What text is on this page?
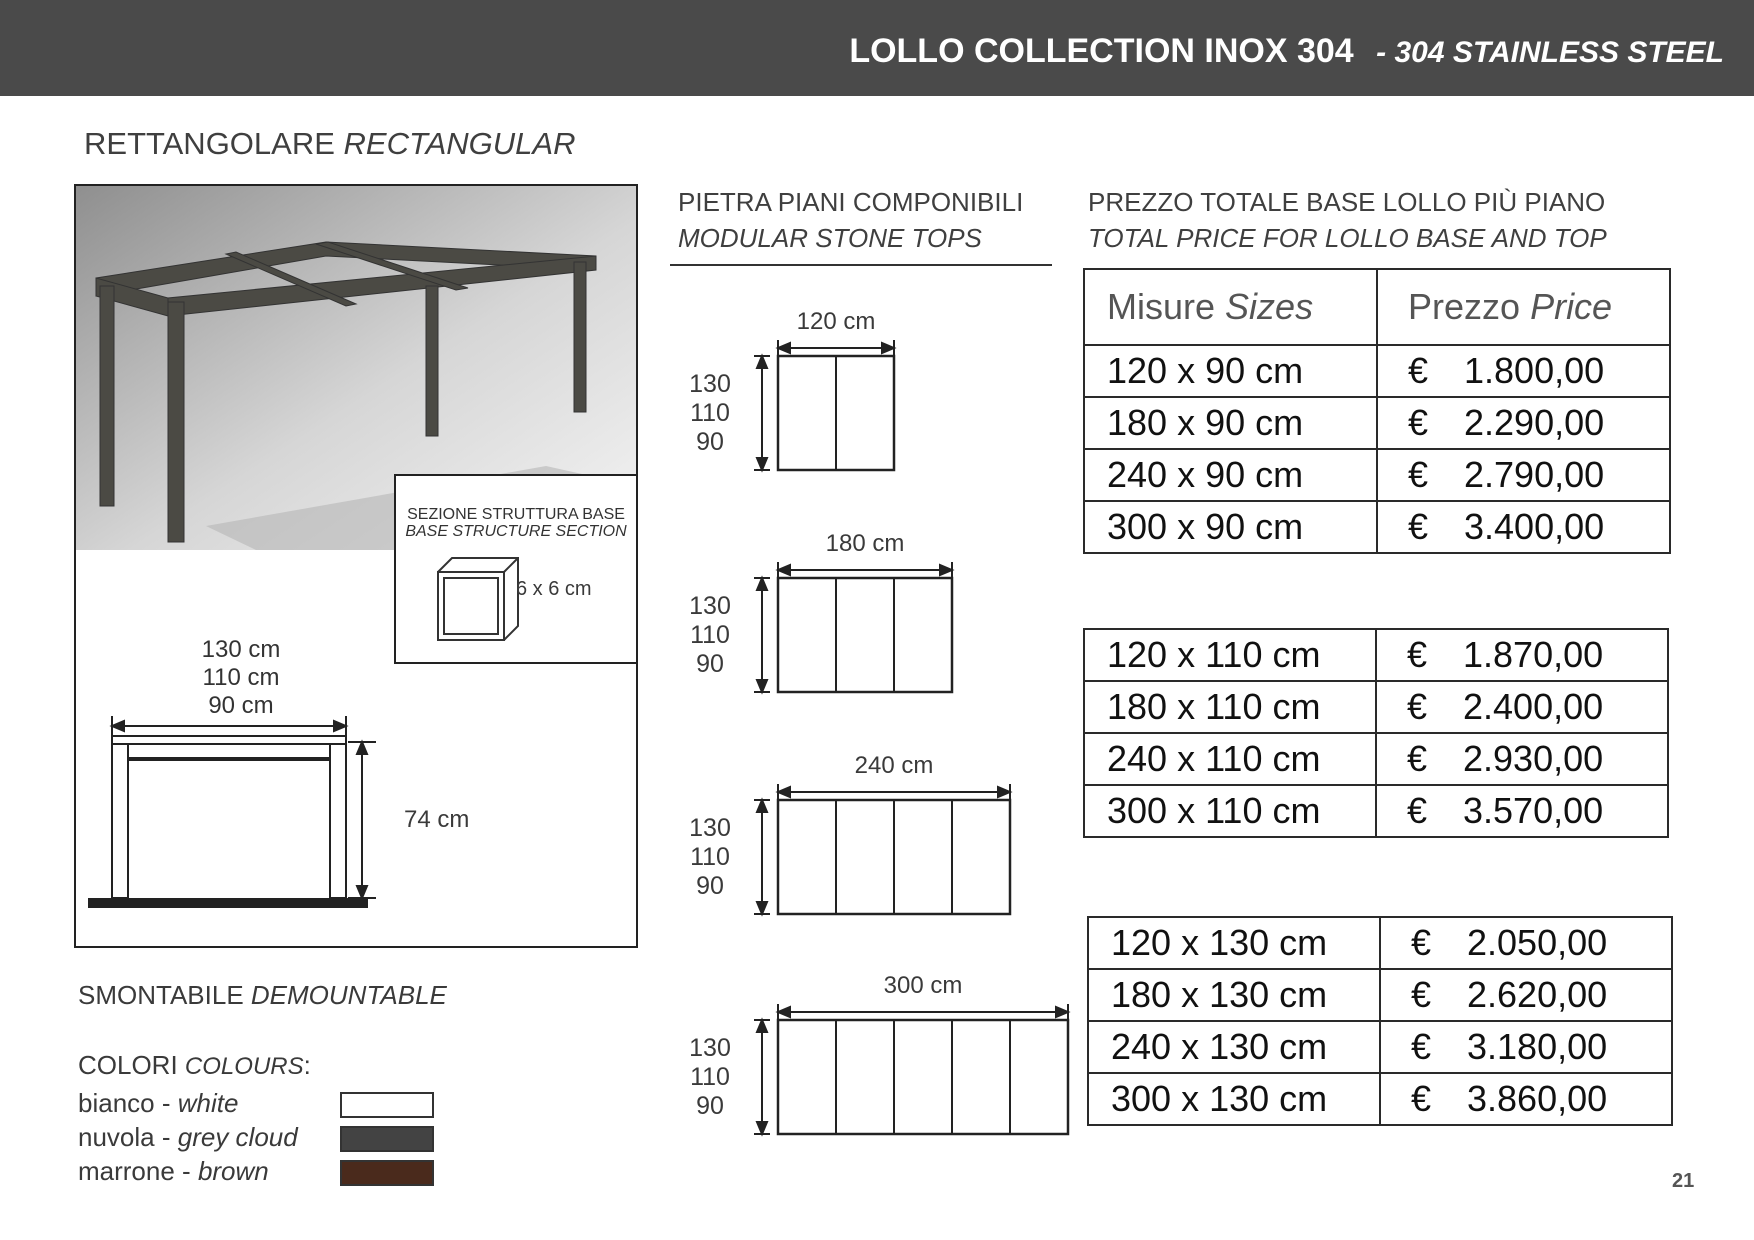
LOLLO COLLECTION INOX 304 - 304 STAINLESS STEEL
RETTANGOLARE RECTANGULAR
SEZIONE STRUTTURA BASE
BASE STRUCTURE SECTION
6 x 6 cm
130 cm
110 cm
90 cm
74 cm
SMONTABILE DEMOUNTABLE
COLORI COLOURS:
bianco - white
nuvola - grey cloud
marrone - brown
PIETRA PIANI COMPONIBILI
MODULAR STONE TOPS
120 cm
130
110
90
180 cm
130
110
90
240 cm
130
110
90
300 cm
130
110
90
PREZZO TOTALE BASE LOLLO PIÙ PIANO
TOTAL PRICE FOR LOLLO BASE AND TOP
Misure Sizes	Prezzo Price
120 x 90 cm	€ 1.800,00
180 x 90 cm	€ 2.290,00
240 x 90 cm	€ 2.790,00
300 x 90 cm	€ 3.400,00
120 x 110 cm	€ 1.870,00
180 x 110 cm	€ 2.400,00
240 x 110 cm	€ 2.930,00
300 x 110 cm	€ 3.570,00
120 x 130 cm	€ 2.050,00
180 x 130 cm	€ 2.620,00
240 x 130 cm	€ 3.180,00
300 x 130 cm	€ 3.860,00
21
